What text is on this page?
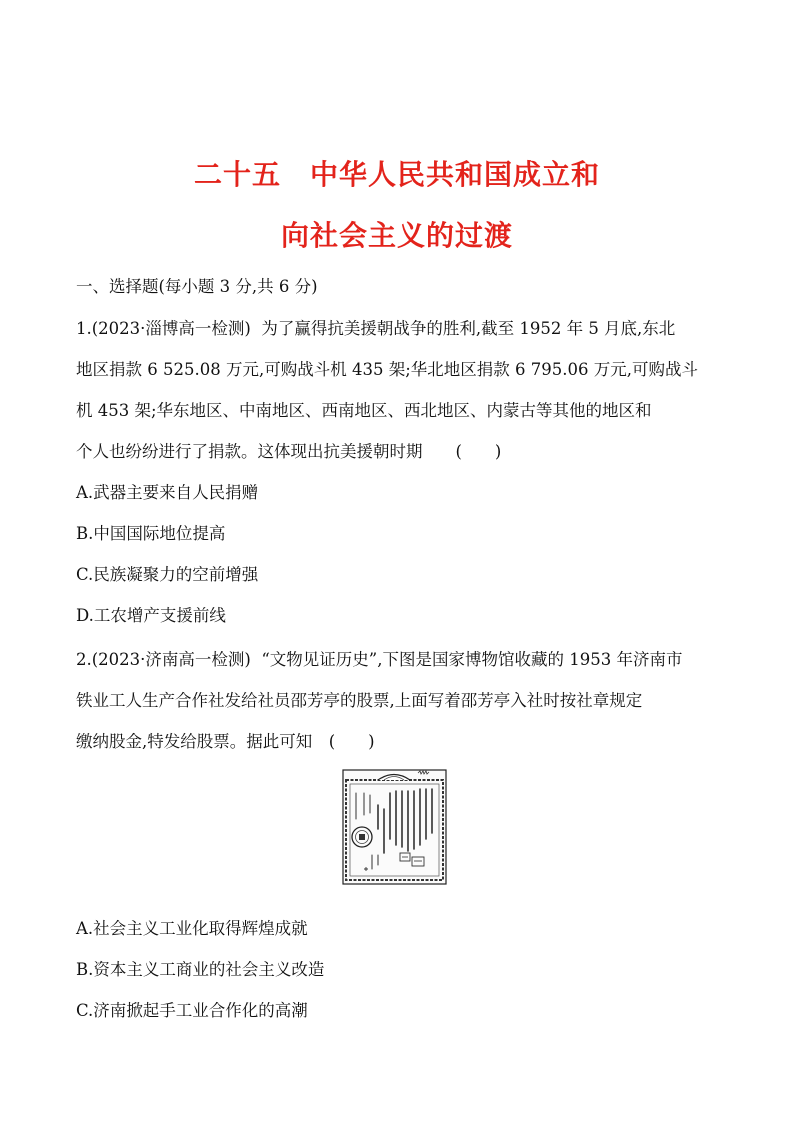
二十五　中华人民共和国成立和
向社会主义的过渡
一、选择题(每小题 3 分,共 6 分)
1.(2023·淄博高一检测)  为了赢得抗美援朝战争的胜利,截至 1952 年 5 月底,东北
地区捐款 6 525.08 万元,可购战斗机 435 架;华北地区捐款 6 795.06 万元,可购战斗
机 453 架;华东地区、中南地区、西南地区、西北地区、内蒙古等其他的地区和
个人也纷纷进行了捐款。这体现出抗美援朝时期　　(　　)
A.武器主要来自人民捐赠
B.中国国际地位提高
C.民族凝聚力的空前增强
D.工农增产支援前线
2.(2023·济南高一检测)  “文物见证历史”,下图是国家博物馆收藏的 1953 年济南市
铁业工人生产合作社发给社员邵芳亭的股票,上面写着邵芳亭入社时按社章规定
缴纳股金,特发给股票。据此可知　(　　)
A.社会主义工业化取得辉煌成就
B.资本主义工商业的社会主义改造
C.济南掀起手工业合作化的高潮
